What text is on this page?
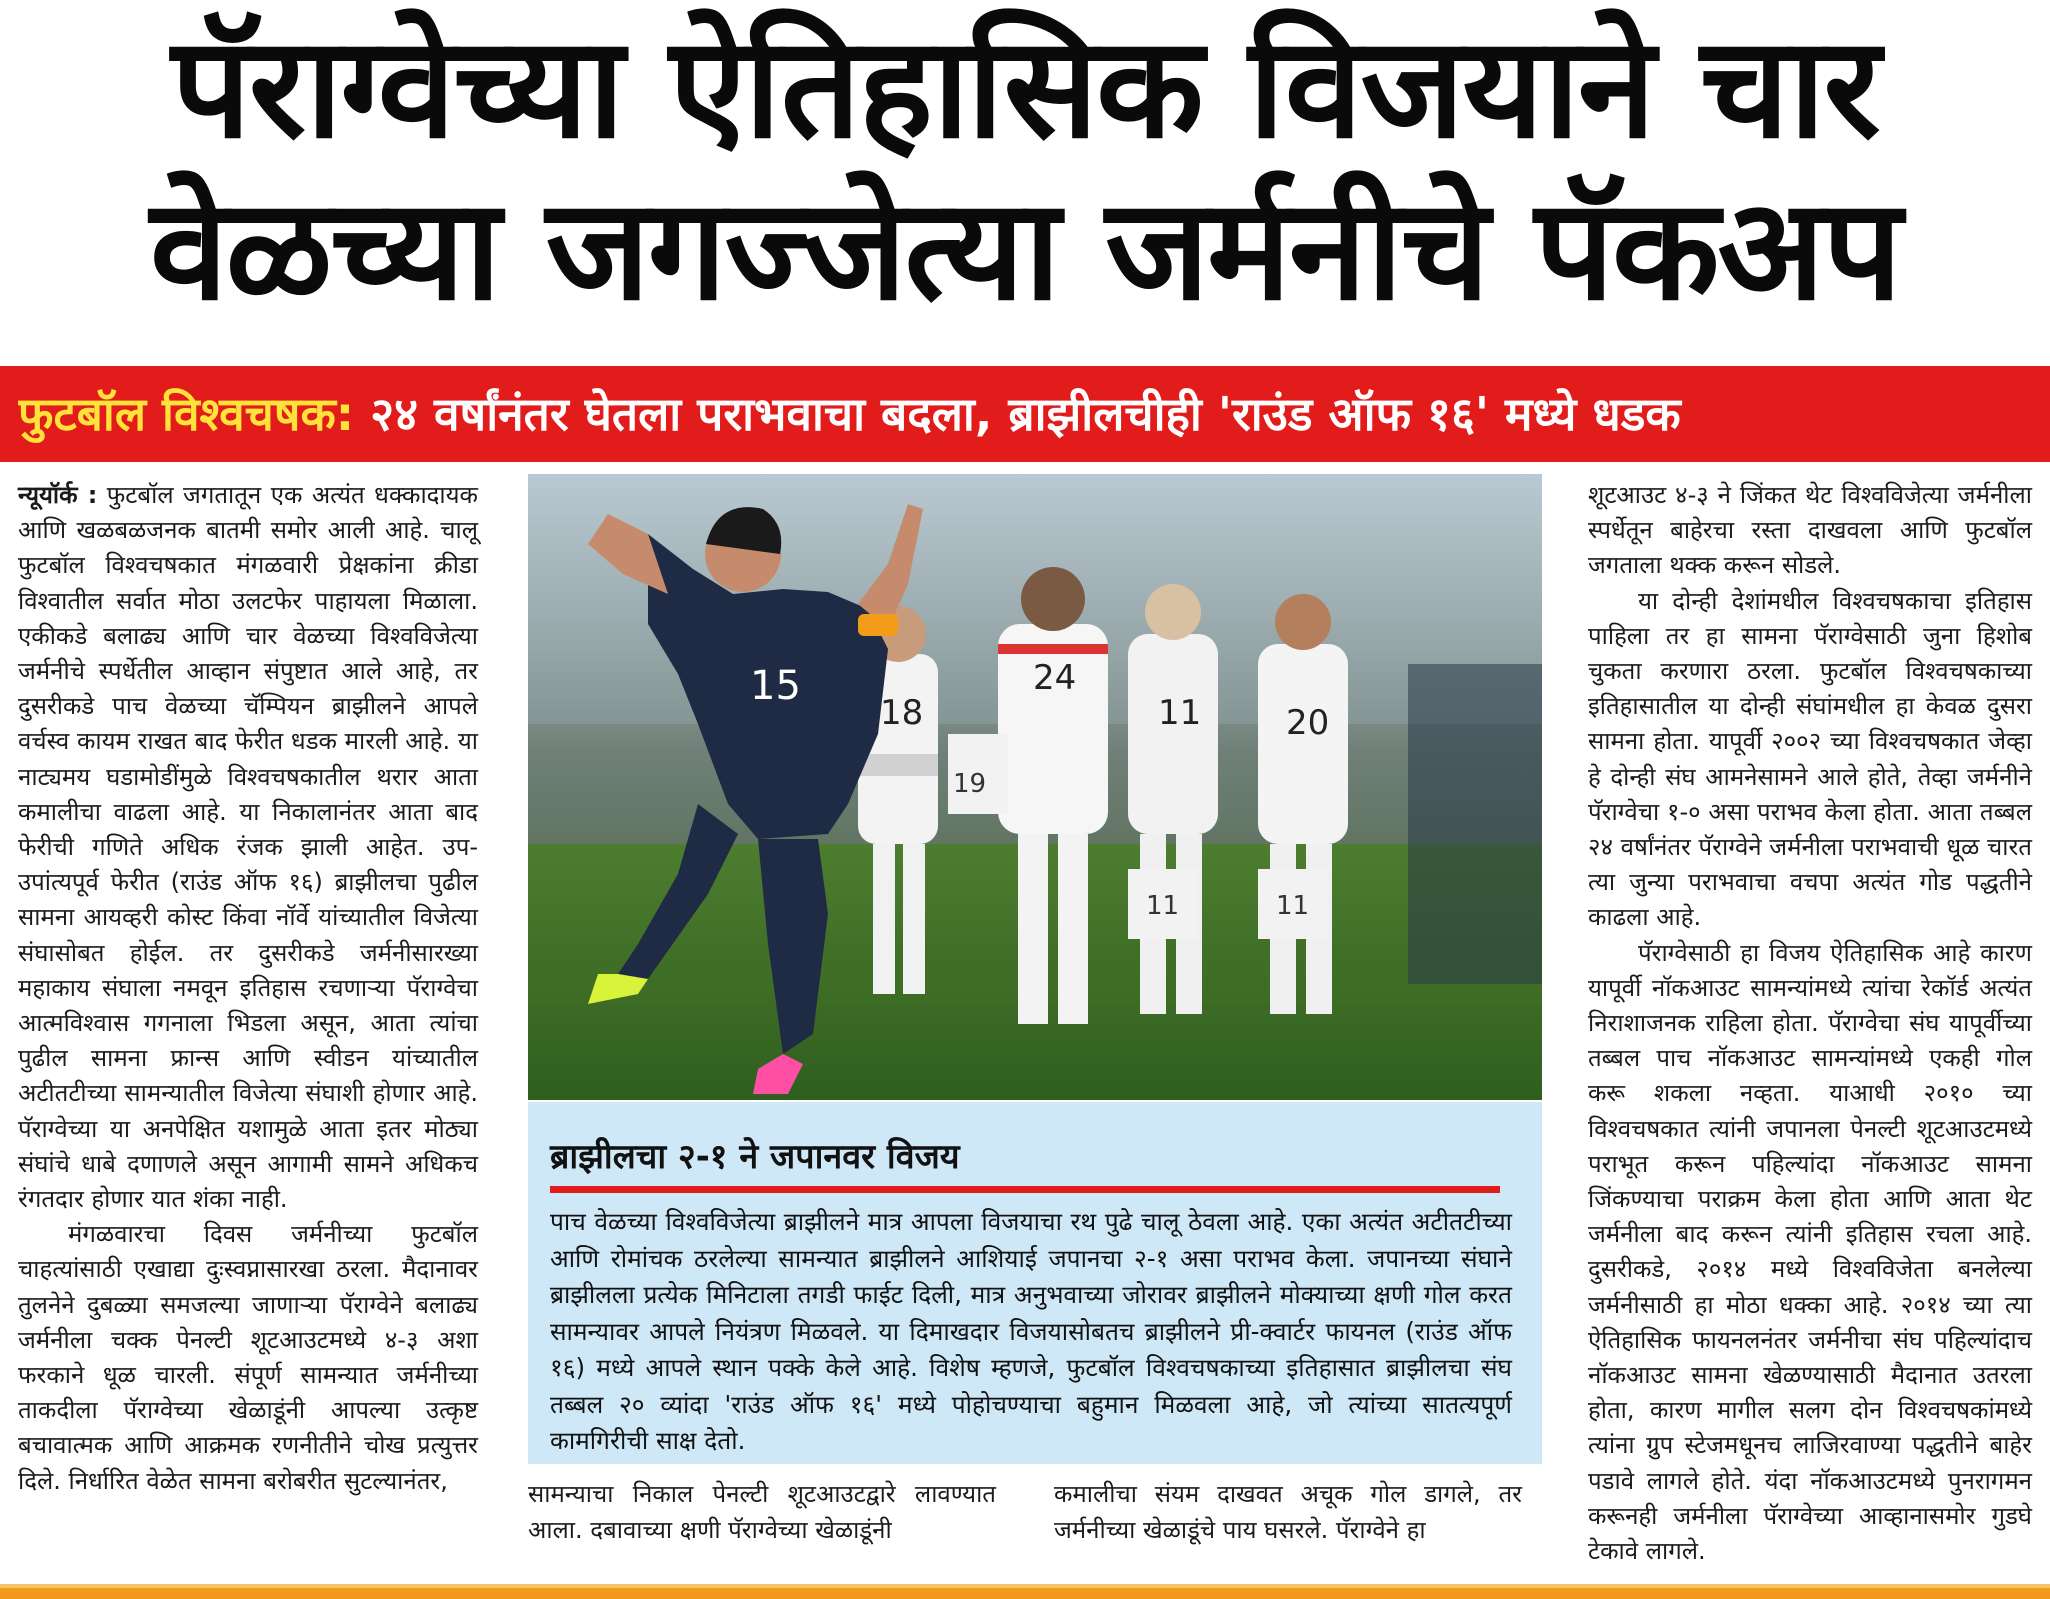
पॅराग्वेच्या ऐतिहासिक विजयाने चार
वेळच्या जगज्जेत्या जर्मनीचे पॅकअप
फुटबॉल विश्वचषक: २४ वर्षांनंतर घेतला पराभवाचा बदला, ब्राझीलचीही 'राउंड ऑफ १६' मध्ये धडक

न्यूयॉर्क : फुटबॉल जगतातून एक अत्यंत धक्कादायक आणि खळबळजनक बातमी समोर आली आहे. चालू फुटबॉल विश्वचषकात मंगळवारी प्रेक्षकांना क्रीडा विश्वातील सर्वात मोठा उलटफेर पाहायला मिळाला. एकीकडे बलाढ्य आणि चार वेळच्या विश्वविजेत्या जर्मनीचे स्पर्धेतील आव्हान संपुष्टात आले आहे, तर दुसरीकडे पाच वेळच्या चॅम्पियन ब्राझीलने आपले वर्चस्व कायम राखत बाद फेरीत धडक मारली आहे. या नाट्यमय घडामोडींमुळे विश्वचषकातील थरार आता कमालीचा वाढला आहे. या निकालानंतर आता बाद फेरीची गणिते अधिक रंजक झाली आहेत. उप-उपांत्यपूर्व फेरीत (राउंड ऑफ १६) ब्राझीलचा पुढील सामना आयव्हरी कोस्ट किंवा नॉर्वे यांच्यातील विजेत्या संघासोबत होईल. तर दुसरीकडे जर्मनीसारख्या महाकाय संघाला नमवून इतिहास रचणाऱ्या पॅराग्वेचा आत्मविश्वास गगनाला भिडला असून, आता त्यांचा पुढील सामना फ्रान्स आणि स्वीडन यांच्यातील अटीतटीच्या सामन्यातील विजेत्या संघाशी होणार आहे. पॅराग्वेच्या या अनपेक्षित यशामुळे आता इतर मोठ्या संघांचे धाबे दणाणले असून आगामी सामने अधिकच रंगतदार होणार यात शंका नाही.

मंगळवारचा दिवस जर्मनीच्या फुटबॉल चाहत्यांसाठी एखाद्या दुःस्वप्नासारखा ठरला. मैदानावर तुलनेने दुबळ्या समजल्या जाणाऱ्या पॅराग्वेने बलाढ्य जर्मनीला चक्क पेनल्टी शूटआउटमध्ये ४-३ अशा फरकाने धूळ चारली. संपूर्ण सामन्यात जर्मनीच्या ताकदीला पॅराग्वेच्या खेळाडूंनी आपल्या उत्कृष्ट बचावात्मक आणि आक्रमक रणनीतीने चोख प्रत्युत्तर दिले. निर्धारित वेळेत सामना बरोबरीत सुटल्यानंतर,

18
24
11 20
19
11	11
15
ब्राझीलचा २-१ ने जपानवर विजय
पाच वेळच्या विश्वविजेत्या ब्राझीलने मात्र आपला विजयाचा रथ पुढे चालू ठेवला आहे. एका अत्यंत अटीतटीच्या आणि रोमांचक ठरलेल्या सामन्यात ब्राझीलने आशियाई जपानचा २-१ असा पराभव केला. जपानच्या संघाने ब्राझीलला प्रत्येक मिनिटाला तगडी फाईट दिली, मात्र अनुभवाच्या जोरावर ब्राझीलने मोक्याच्या क्षणी गोल करत सामन्यावर आपले नियंत्रण मिळवले. या दिमाखदार विजयासोबतच ब्राझीलने प्री-क्वार्टर फायनल (राउंड ऑफ १६) मध्ये आपले स्थान पक्के केले आहे. विशेष म्हणजे, फुटबॉल विश्वचषकाच्या इतिहासात ब्राझीलचा संघ तब्बल २० व्यांदा 'राउंड ऑफ १६' मध्ये पोहोचण्याचा बहुमान मिळवला आहे, जो त्यांच्या सातत्यपूर्ण कामगिरीची साक्ष देतो.
सामन्याचा निकाल पेनल्टी शूटआउटद्वारे लावण्यात आला. दबावाच्या क्षणी पॅराग्वेच्या खेळाडूंनी
कमालीचा संयम दाखवत अचूक गोल डागले, तर जर्मनीच्या खेळाडूंचे पाय घसरले. पॅराग्वेने हा

शूटआउट ४-३ ने जिंकत थेट विश्वविजेत्या जर्मनीला स्पर्धेतून बाहेरचा रस्ता दाखवला आणि फुटबॉल जगताला थक्क करून सोडले.

या दोन्ही देशांमधील विश्वचषकाचा इतिहास पाहिला तर हा सामना पॅराग्वेसाठी जुना हिशोब चुकता करणारा ठरला. फुटबॉल विश्वचषकाच्या इतिहासातील या दोन्ही संघांमधील हा केवळ दुसरा सामना होता. यापूर्वी २००२ च्या विश्वचषकात जेव्हा हे दोन्ही संघ आमनेसामने आले होते, तेव्हा जर्मनीने पॅराग्वेचा १-० असा पराभव केला होता. आता तब्बल २४ वर्षांनंतर पॅराग्वेने जर्मनीला पराभवाची धूळ चारत त्या जुन्या पराभवाचा वचपा अत्यंत गोड पद्धतीने काढला आहे.

पॅराग्वेसाठी हा विजय ऐतिहासिक आहे कारण यापूर्वी नॉकआउट सामन्यांमध्ये त्यांचा रेकॉर्ड अत्यंत निराशाजनक राहिला होता. पॅराग्वेचा संघ यापूर्वीच्या तब्बल पाच नॉकआउट सामन्यांमध्ये एकही गोल करू शकला नव्हता. याआधी २०१० च्या विश्वचषकात त्यांनी जपानला पेनल्टी शूटआउटमध्ये पराभूत करून पहिल्यांदा नॉकआउट सामना जिंकण्याचा पराक्रम केला होता आणि आता थेट जर्मनीला बाद करून त्यांनी इतिहास रचला आहे. दुसरीकडे, २०१४ मध्ये विश्वविजेता बनलेल्या जर्मनीसाठी हा मोठा धक्का आहे. २०१४ च्या त्या ऐतिहासिक फायनलनंतर जर्मनीचा संघ पहिल्यांदाच नॉकआउट सामना खेळण्यासाठी मैदानात उतरला होता, कारण मागील सलग दोन विश्वचषकांमध्ये त्यांना ग्रुप स्टेजमधूनच लाजिरवाण्या पद्धतीने बाहेर पडावे लागले होते. यंदा नॉकआउटमध्ये पुनरागमन करूनही जर्मनीला पॅराग्वेच्या आव्हानासमोर गुडघे टेकावे लागले.
